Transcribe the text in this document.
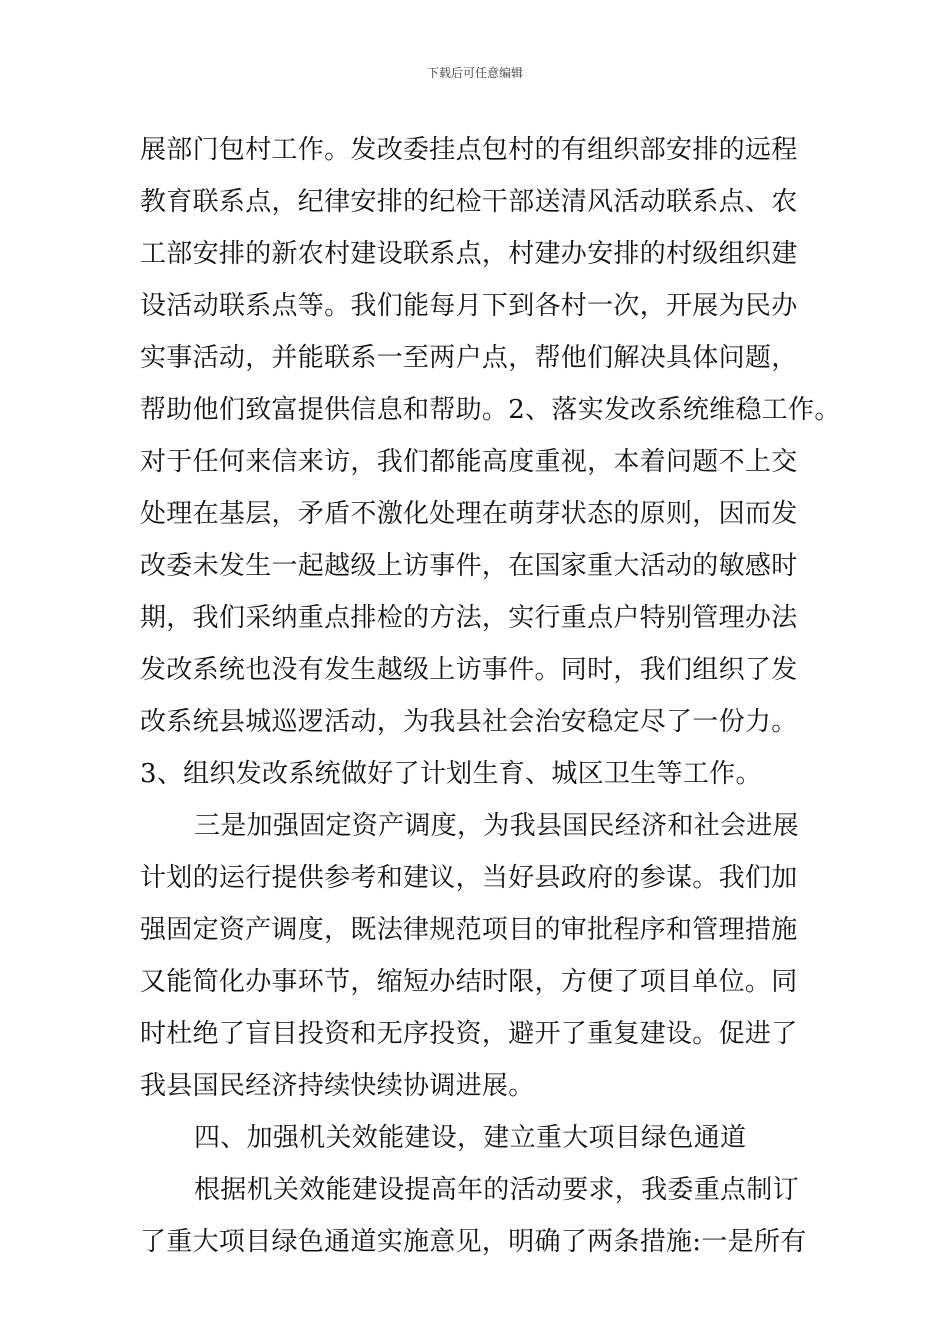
下载后可任意编辑
展部门包村工作。发改委挂点包村的有组织部安排的远程
教育联系点，纪律安排的纪检干部送清风活动联系点、农
工部安排的新农村建设联系点，村建办安排的村级组织建
设活动联系点等。我们能每月下到各村一次，开展为民办
实事活动，并能联系一至两户点，帮他们解决具体问题，
帮助他们致富提供信息和帮助。2、落实发改系统维稳工作。
对于任何来信来访，我们都能高度重视，本着问题不上交
处理在基层，矛盾不激化处理在萌芽状态的原则，因而发
改委未发生一起越级上访事件，在国家重大活动的敏感时
期，我们采纳重点排检的方法，实行重点户特别管理办法
发改系统也没有发生越级上访事件。同时，我们组织了发
改系统县城巡逻活动，为我县社会治安稳定尽了一份力。
3、组织发改系统做好了计划生育、城区卫生等工作。
三是加强固定资产调度，为我县国民经济和社会进展
计划的运行提供参考和建议，当好县政府的参谋。我们加
强固定资产调度，既法律规范项目的审批程序和管理措施
又能简化办事环节，缩短办结时限，方便了项目单位。同
时杜绝了盲目投资和无序投资，避开了重复建设。促进了
我县国民经济持续快续协调进展。
四、加强机关效能建设，建立重大项目绿色通道
根据机关效能建设提高年的活动要求，我委重点制订
了重大项目绿色通道实施意见，明确了两条措施:一是所有
